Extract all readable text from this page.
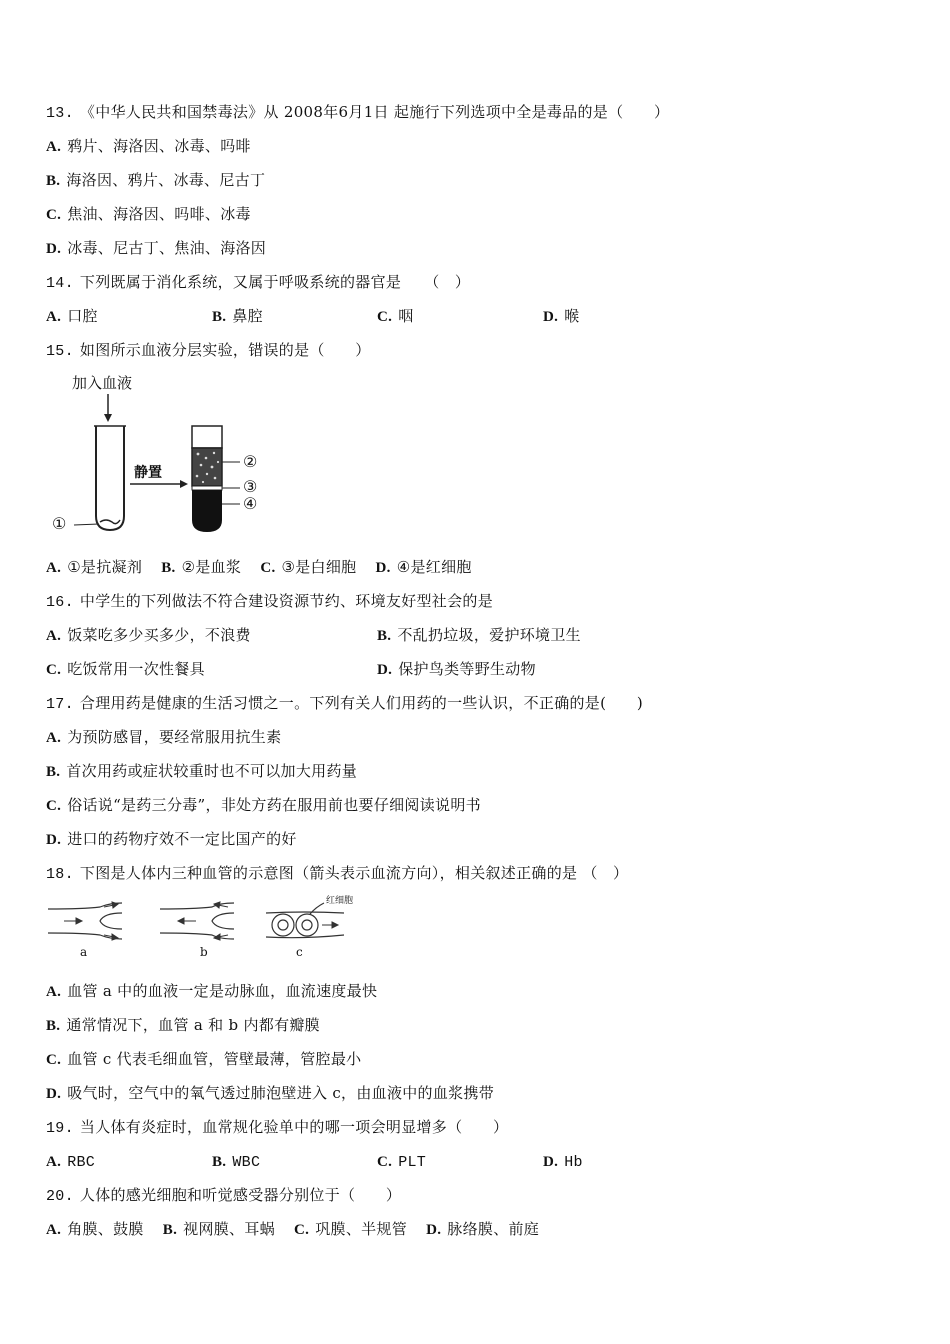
13. 《中华人民共和国禁毒法》从 2008年6月1日 起施行下列选项中全是毒品的是（　　）
A. 鸦片、海洛因、冰毒、吗啡
B. 海洛因、鸦片、冰毒、尼古丁
C. 焦油、海洛因、吗啡、冰毒
D. 冰毒、尼古丁、焦油、海洛因
14. 下列既属于消化系统，又属于呼吸系统的器官是　　（　）
A. 口腔	B. 鼻腔	C. 咽	D. 喉
15. 如图所示血液分层实验，错误的是（　　）
加入血液
静置
①
②
③
④
A. ①是抗凝剂 B. ②是血浆 C. ③是白细胞 D. ④是红细胞
16. 中学生的下列做法不符合建设资源节约、环境友好型社会的是
A. 饭菜吃多少买多少，不浪费	B. 不乱扔垃圾，爱护环境卫生
C. 吃饭常用一次性餐具	D. 保护鸟类等野生动物
17. 合理用药是健康的生活习惯之一。下列有关人们用药的一些认识，不正确的是(　　)
A. 为预防感冒，要经常服用抗生素
B. 首次用药或症状较重时也不可以加大用药量
C. 俗话说“是药三分毒”，非处方药在服用前也要仔细阅读说明书
D. 进口的药物疗效不一定比国产的好
18. 下图是人体内三种血管的示意图（箭头表示血流方向），相关叙述正确的是 （　）
红细胞
a	b	c
A. 血管 a 中的血液一定是动脉血，血流速度最快
B. 通常情况下，血管 a 和 b 内都有瓣膜
C. 血管 c 代表毛细血管，管壁最薄，管腔最小
D. 吸气时，空气中的氧气透过肺泡壁进入 c，由血液中的血浆携带
19. 当人体有炎症时，血常规化验单中的哪一项会明显增多（　　）
A. RBC	B. WBC	C. PLT	D. Hb
20. 人体的感光细胞和听觉感受器分别位于（　　）
A. 角膜、鼓膜 B. 视网膜、耳蜗 C. 巩膜、半规管 D. 脉络膜、前庭
